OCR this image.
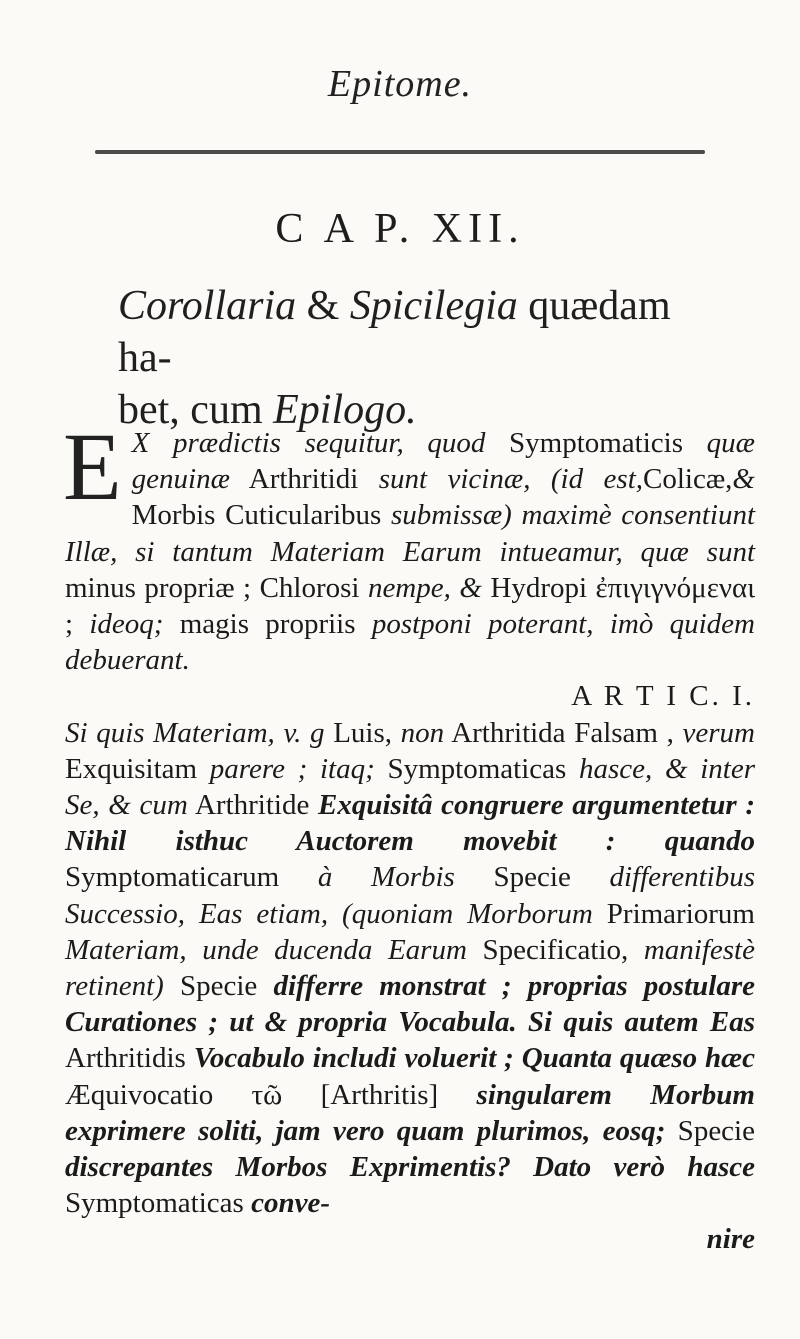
Epitome.
C A P. XII.
Corollaria & Spicilegia quædam ha-
bet, cum Epilogo.

E X prædictis sequitur, quod Symptomaticis quæ genuinæ Arthritidi sunt vicinæ, (id est,Colicæ,& Morbis Cuticularibus submissæ) maximè consentiunt Illæ, si tantum Materiam Earum intueamur, quæ sunt minus propriæ ; Chlorosi nempe, & Hydropi ἐπιγιγνόμεναι ; ideoq; magis propriis postponi poterant, imò quidem debuerant.

A R T I C. I.

Si quis Materiam, v. g Luis, non Arthritida Falsam , verum Exquisitam parere ; itaq; Symptomaticas hasce, & inter Se, & cum Arthritide Exquisitâ congruere argumentetur : Nihil isthuc Auctorem movebit : quando Symptomaticarum à Morbis Specie differentibus Successio, Eas etiam, (quoniam Morborum Primariorum Materiam, unde ducenda Earum Specificatio, manifestè retinent) Specie differre monstrat ; proprias postulare Curationes ; ut & propria Vocabula. Si quis autem Eas Arthritidis Vocabulo includi voluerit ; Quanta quæso hæc Æquivocatio τῶ [Arthritis] singularem Morbum exprimere soliti, jam vero quam plurimos, eosq; Specie discrepantes Morbos Exprimentis? Dato verò hasce Symptomaticas conve-

nire
